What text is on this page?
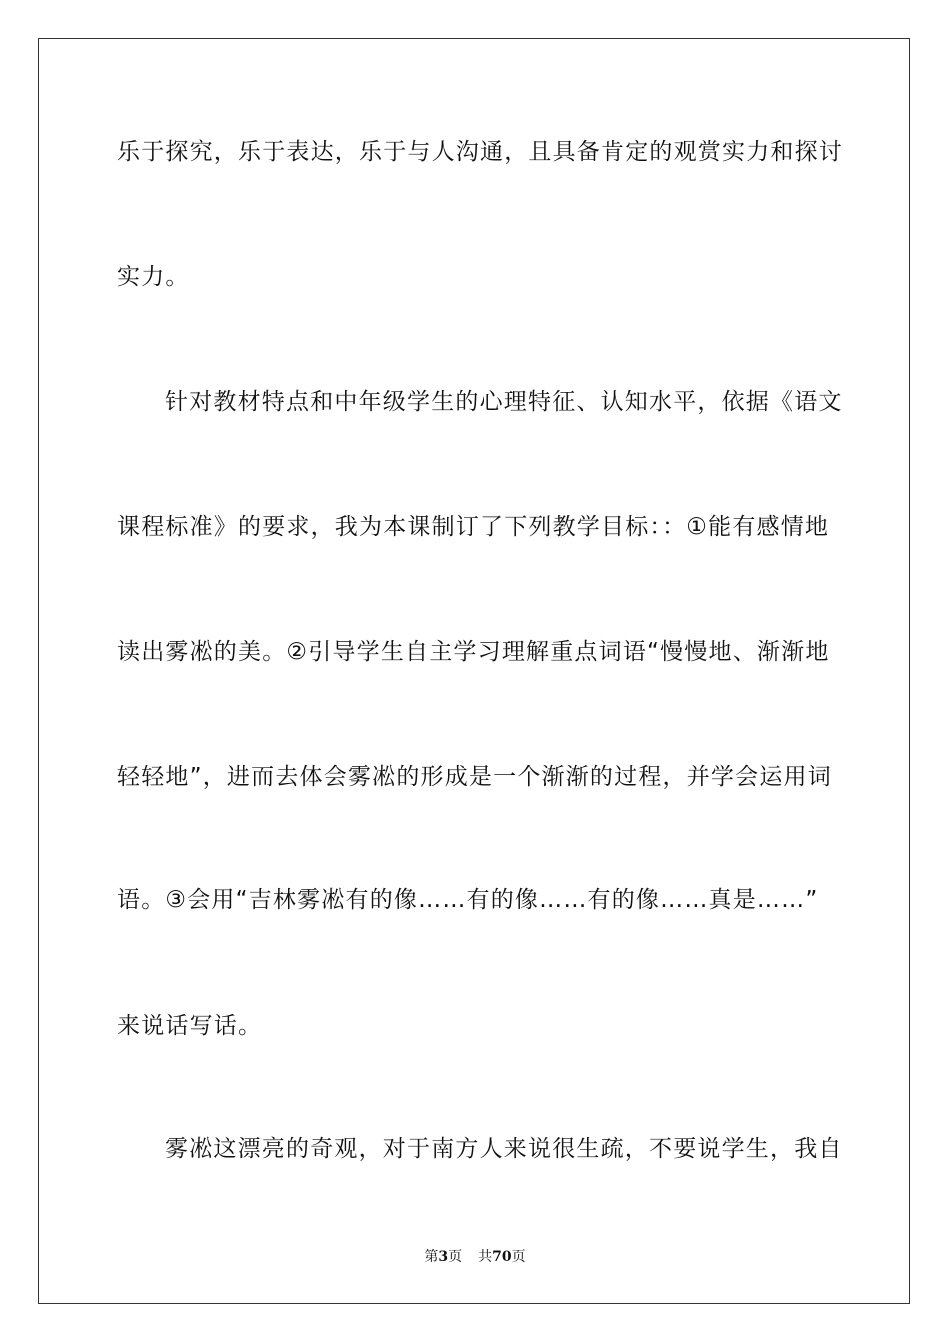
乐于探究，乐于表达，乐于与人沟通，且具备肯定的观赏实力和探讨
实力。
针对教材特点和中年级学生的心理特征、认知水平，依据《语文
课程标准》的要求，我为本课制订了下列教学目标：：①能有感情地
读出雾凇的美。②引导学生自主学习理解重点词语“慢慢地、渐渐地
轻轻地”，进而去体会雾凇的形成是一个渐渐的过程，并学会运用词
语。③会用“吉林雾凇有的像……有的像……有的像……真是……”
来说话写话。
雾凇这漂亮的奇观，对于南方人来说很生疏，不要说学生，我自
第3页 共70页
